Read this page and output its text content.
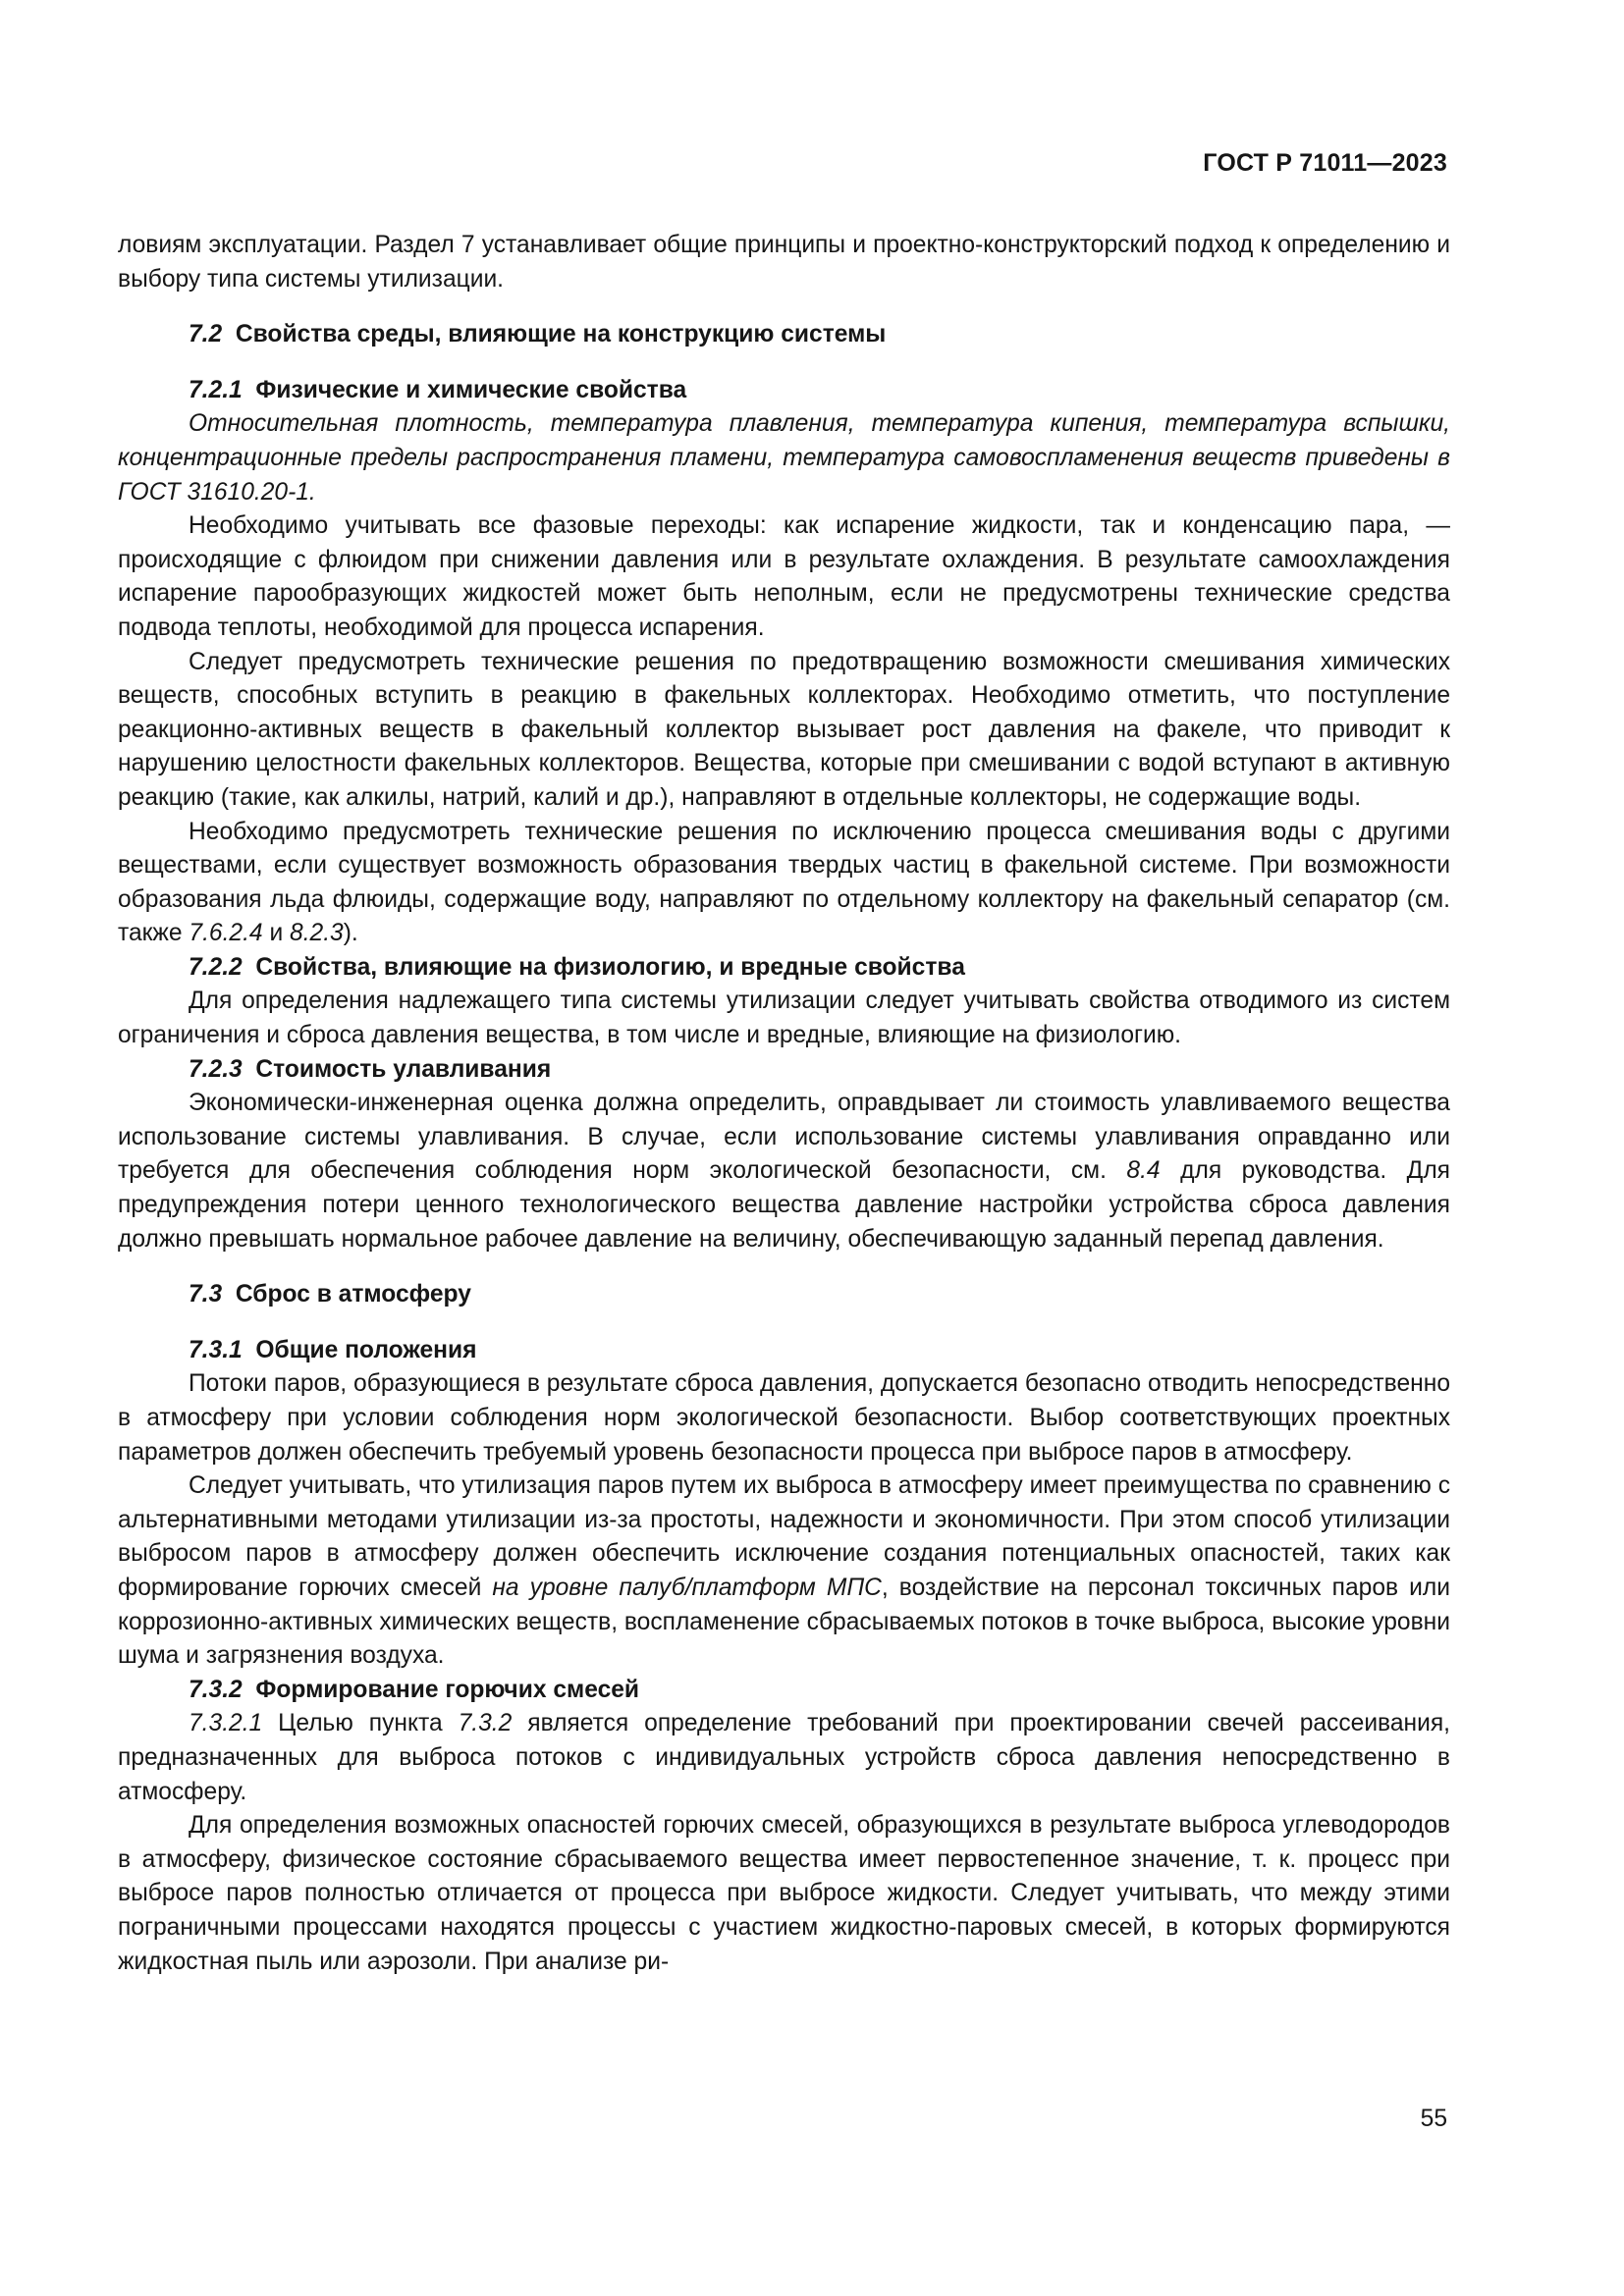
ГОСТ Р 71011—2023

ловиям эксплуатации. Раздел 7 устанавливает общие принципы и проектно-конструкторский подход к определению и выбору типа системы утилизации.

7.2 Свойства среды, влияющие на конструкцию системы

7.2.1 Физические и химические свойства

Относительная плотность, температура плавления, температура кипения, температура вспышки, концентрационные пределы распространения пламени, температура самовоспламенения веществ приведены в ГОСТ 31610.20-1.

Необходимо учитывать все фазовые переходы: как испарение жидкости, так и конденсацию пара, — происходящие с флюидом при снижении давления или в результате охлаждения. В результате самоохлаждения испарение парообразующих жидкостей может быть неполным, если не предусмотрены технические средства подвода теплоты, необходимой для процесса испарения.

Следует предусмотреть технические решения по предотвращению возможности смешивания химических веществ, способных вступить в реакцию в факельных коллекторах. Необходимо отметить, что поступление реакционно-активных веществ в факельный коллектор вызывает рост давления на факеле, что приводит к нарушению целостности факельных коллекторов. Вещества, которые при смешивании с водой вступают в активную реакцию (такие, как алкилы, натрий, калий и др.), направляют в отдельные коллекторы, не содержащие воды.

Необходимо предусмотреть технические решения по исключению процесса смешивания воды с другими веществами, если существует возможность образования твердых частиц в факельной системе. При возможности образования льда флюиды, содержащие воду, направляют по отдельному коллектору на факельный сепаратор (см. также 7.6.2.4 и 8.2.3).

7.2.2 Свойства, влияющие на физиологию, и вредные свойства

Для определения надлежащего типа системы утилизации следует учитывать свойства отводимого из систем ограничения и сброса давления вещества, в том числе и вредные, влияющие на физиологию.

7.2.3 Стоимость улавливания

Экономически-инженерная оценка должна определить, оправдывает ли стоимость улавливаемого вещества использование системы улавливания. В случае, если использование системы улавливания оправданно или требуется для обеспечения соблюдения норм экологической безопасности, см. 8.4 для руководства. Для предупреждения потери ценного технологического вещества давление настройки устройства сброса давления должно превышать нормальное рабочее давление на величину, обеспечивающую заданный перепад давления.

7.3 Сброс в атмосферу

7.3.1 Общие положения

Потоки паров, образующиеся в результате сброса давления, допускается безопасно отводить непосредственно в атмосферу при условии соблюдения норм экологической безопасности. Выбор соответствующих проектных параметров должен обеспечить требуемый уровень безопасности процесса при выбросе паров в атмосферу.

Следует учитывать, что утилизация паров путем их выброса в атмосферу имеет преимущества по сравнению с альтернативными методами утилизации из-за простоты, надежности и экономичности. При этом способ утилизации выбросом паров в атмосферу должен обеспечить исключение создания потенциальных опасностей, таких как формирование горючих смесей на уровне палуб/платформ МПС, воздействие на персонал токсичных паров или коррозионно-активных химических веществ, воспламенение сбрасываемых потоков в точке выброса, высокие уровни шума и загрязнения воздуха.

7.3.2 Формирование горючих смесей

7.3.2.1 Целью пункта 7.3.2 является определение требований при проектировании свечей рассеивания, предназначенных для выброса потоков с индивидуальных устройств сброса давления непосредственно в атмосферу.

Для определения возможных опасностей горючих смесей, образующихся в результате выброса углеводородов в атмосферу, физическое состояние сбрасываемого вещества имеет первостепенное значение, т. к. процесс при выбросе паров полностью отличается от процесса при выбросе жидкости. Следует учитывать, что между этими пограничными процессами находятся процессы с участием жидкостно-паровых смесей, в которых формируются жидкостная пыль или аэрозоли. При анализе ри-

55
